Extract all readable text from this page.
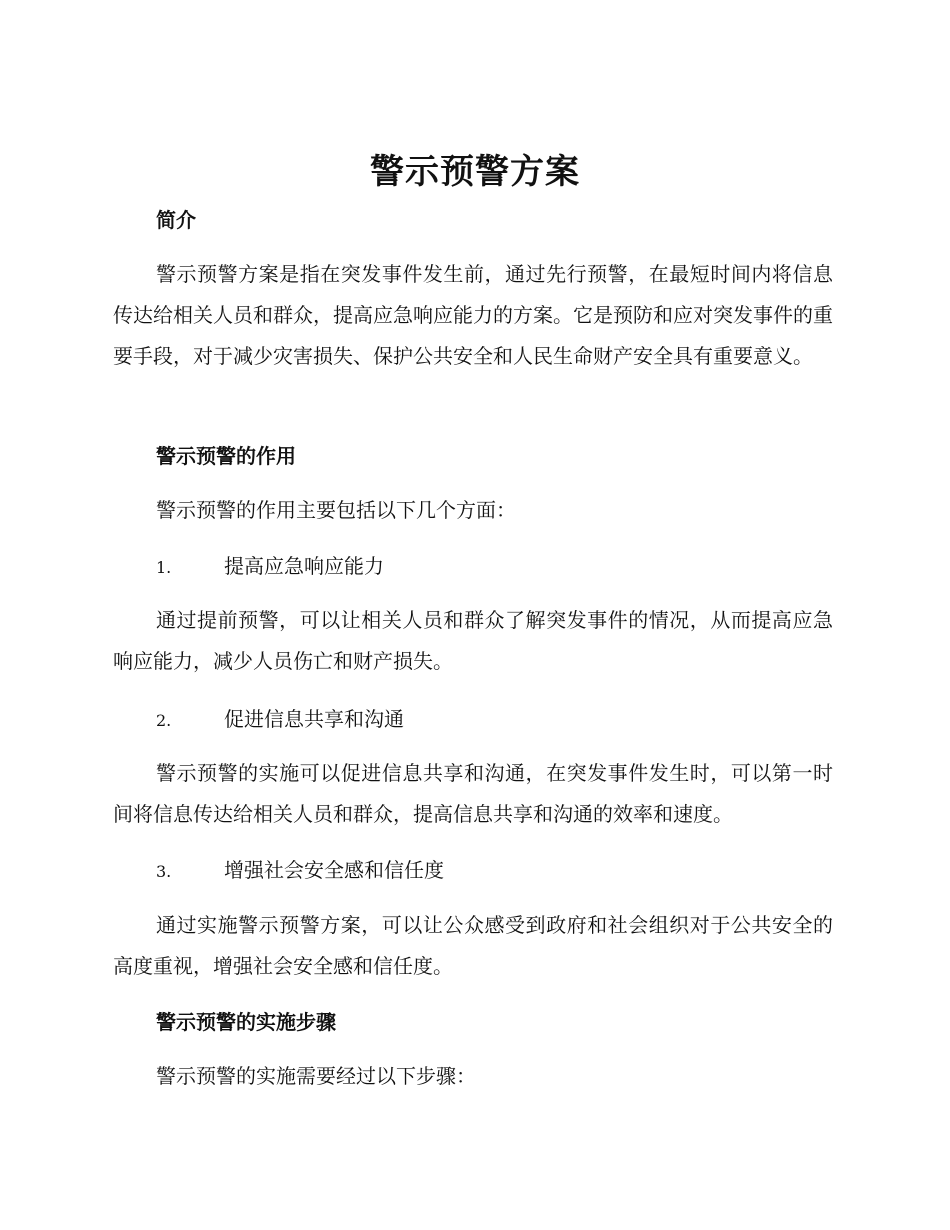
警示预警方案
简介

警示预警方案是指在突发事件发生前，通过先行预警，在最短时间内将信息传达给相关人员和群众，提高应急响应能力的方案。它是预防和应对突发事件的重要手段，对于减少灾害损失、保护公共安全和人民生命财产安全具有重要意义。

警示预警的作用

警示预警的作用主要包括以下几个方面：

1.	提高应急响应能力

通过提前预警，可以让相关人员和群众了解突发事件的情况，从而提高应急响应能力，减少人员伤亡和财产损失。

2.	促进信息共享和沟通

警示预警的实施可以促进信息共享和沟通，在突发事件发生时，可以第一时间将信息传达给相关人员和群众，提高信息共享和沟通的效率和速度。

3.	增强社会安全感和信任度

通过实施警示预警方案，可以让公众感受到政府和社会组织对于公共安全的高度重视，增强社会安全感和信任度。

警示预警的实施步骤

警示预警的实施需要经过以下步骤：
